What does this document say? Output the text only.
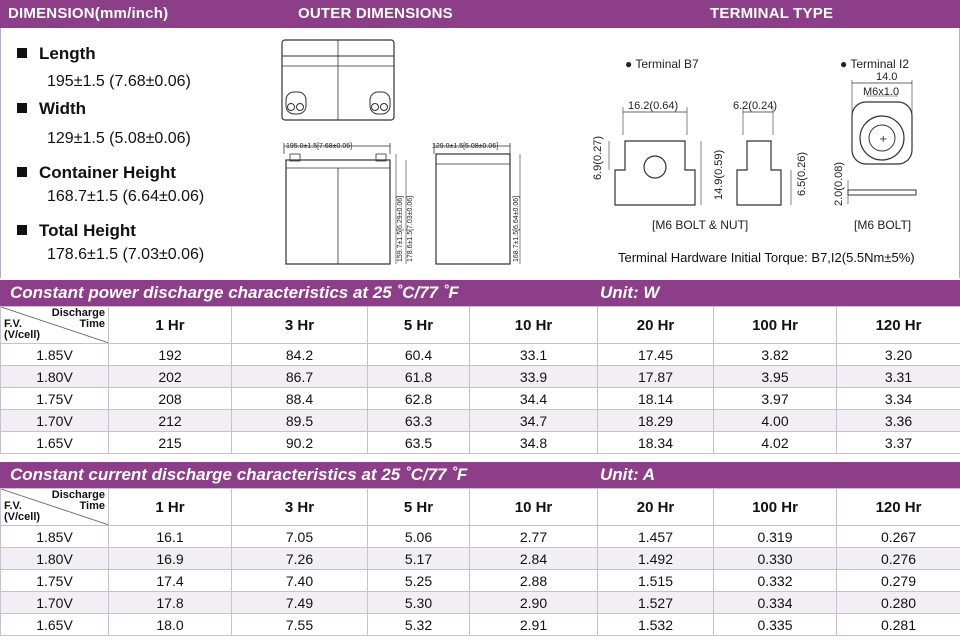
DIMENSION(mm/inch)	OUTER DIMENSIONS	TERMINAL TYPE
Length
195±1.5 (7.68±0.06)
Width
129±1.5 (5.08±0.06)
Container Height
168.7±1.5 (6.64±0.06)
Total Height
178.6±1.5 (7.03±0.06)
195.0±1.5[7.68±0.06]
159.7±1.5[6.29±0.06] 178.6±1.5[7.03±0.06]
129.0±1.5[5.08±0.06]
168.7±1.5[6.64±0.06]
● Terminal B7
16.2(0.64)	6.2(0.24)
6.9(0.27)	14.9(0.59)	6.5(0.26)
[M6 BOLT & NUT]
● Terminal I2
+
14.0
M6x1.0
2.0(0.08)
[M6 BOLT]
Terminal Hardware Initial Torque: B7,I2(5.5Nm±5%)
Constant power discharge characteristics at 25 ˚C/77 ˚F	Unit: W
Discharge
Time
F.V.
(V/cell)	1 Hr	3 Hr	5 Hr	10 Hr	20 Hr	100 Hr	120 Hr
1.85V	192	84.2	60.4	33.1	17.45	3.82	3.20
1.80V	202	86.7	61.8	33.9	17.87	3.95	3.31
1.75V	208	88.4	62.8	34.4	18.14	3.97	3.34
1.70V	212	89.5	63.3	34.7	18.29	4.00	3.36
1.65V	215	90.2	63.5	34.8	18.34	4.02	3.37
Constant current discharge characteristics at 25 ˚C/77 ˚F	Unit: A
Discharge
Time
F.V.
(V/cell)	1 Hr	3 Hr	5 Hr	10 Hr	20 Hr	100 Hr	120 Hr
1.85V	16.1	7.05	5.06	2.77	1.457	0.319	0.267
1.80V	16.9	7.26	5.17	2.84	1.492	0.330	0.276
1.75V	17.4	7.40	5.25	2.88	1.515	0.332	0.279
1.70V	17.8	7.49	5.30	2.90	1.527	0.334	0.280
1.65V	18.0	7.55	5.32	2.91	1.532	0.335	0.281
